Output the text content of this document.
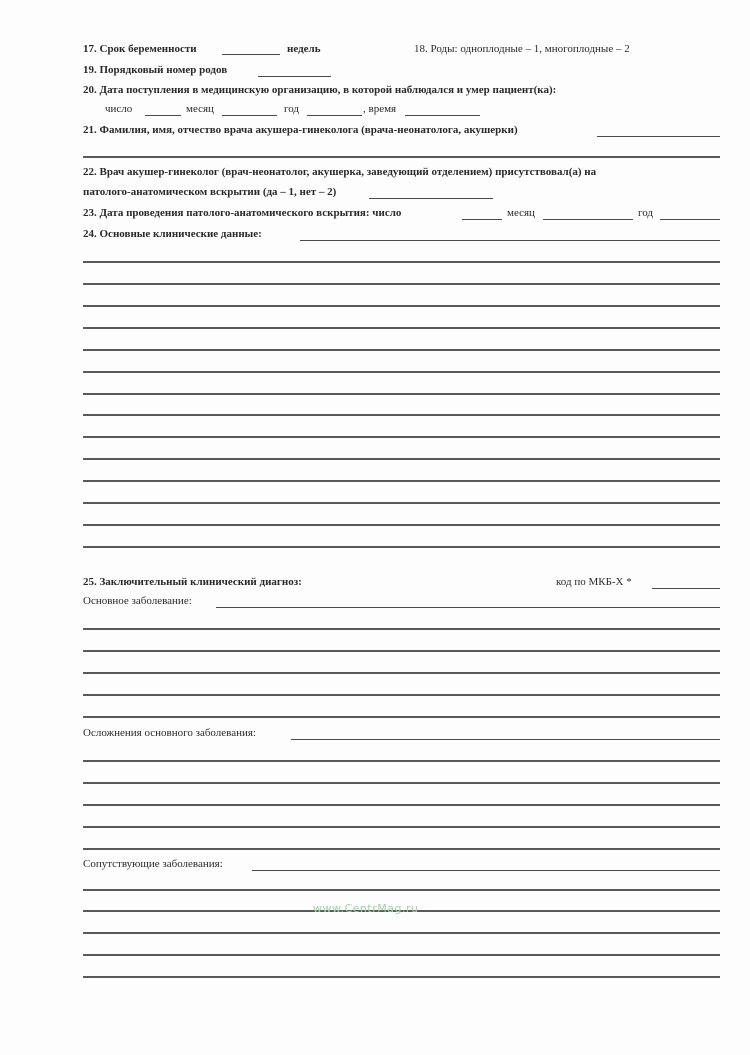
17. Срок беременности	недель	18. Роды: одноплодные – 1, многоплодные – 2
19. Порядковый номер родов
20. Дата поступления в медицинскую организацию, в которой наблюдался и умер пациент(ка):
число	месяц	год	, время
21. Фамилия, имя, отчество врача акушера-гинеколога (врача-неонатолога, акушерки)
22. Врач акушер-гинеколог (врач-неонатолог, акушерка, заведующий отделением) присутствовал(а) на
патолого-анатомическом вскрытии (да – 1, нет – 2)
23. Дата проведения патолого-анатомического вскрытия: число	месяц	год
24. Основные клинические данные:
25. Заключительный клинический диагноз:	код по МКБ-Х *
Основное заболевание:
Осложнения основного заболевания:
Сопутствующие заболевания:
www.CentrMag.ru
